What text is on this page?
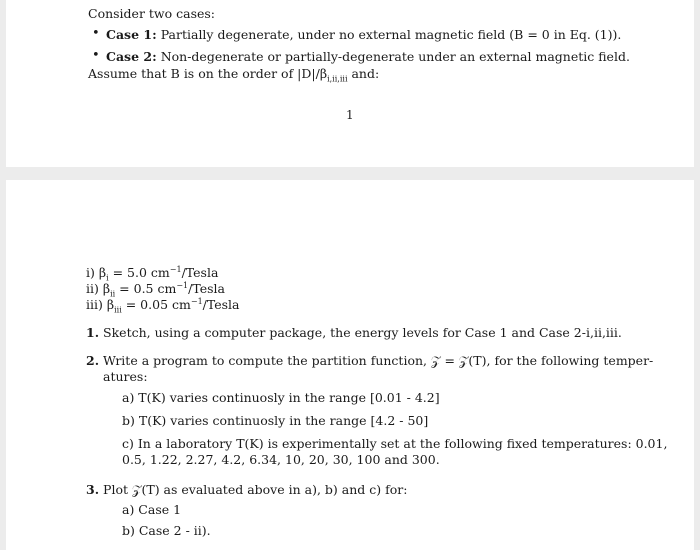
Consider two cases:
• Case 1: Partially degenerate, under no external magnetic field (B = 0 in Eq. (1)).
• Case 2: Non-degenerate or partially-degenerate under an external magnetic field.
Assume that B is on the order of $|D|/\beta_{i,ii,iii}$ and:
1
i) $\beta_i = 5.0$ $cm^{-1}$/Tesla
ii) $\beta_{ii} = 0.5$ $cm^{-1}$/Tesla
iii) $\beta_{iii} = 0.05$ $cm^{-1}$/Tesla
1. Sketch, using a computer package, the energy levels for Case 1 and Case 2-i,ii,iii.
2. Write a program to compute the partition function, 𝒵 = 𝒵(T), for the following temper-
atures:
a) T(K) varies continuosly in the range [0.01 - 4.2]
b) T(K) varies continuosly in the range [4.2 - 50]
c) In a laboratory T(K) is experimentally set at the following fixed temperatures: 0.01,
0.5, 1.22, 2.27, 4.2, 6.34, 10, 20, 30, 100 and 300.
3. Plot 𝒵(T) as evaluated above in a), b) and c) for:
a) Case 1
b) Case 2 - ii).
